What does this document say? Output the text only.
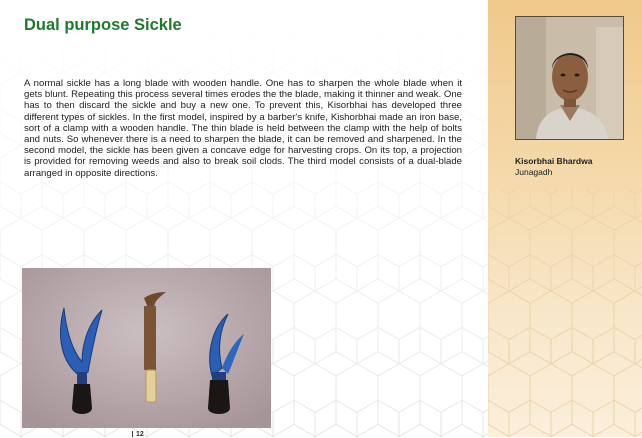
Dual purpose Sickle

A normal sickle has a long blade with wooden handle. One has to sharpen the whole blade when it gets blunt. Repeating this process several times erodes the the blade, making it thinner and weak. One has to then discard the sickle and buy a new one. To prevent this, Kisorbhai has developed three different types of sickles. In the first model, inspired by a barber's knife, Kishorbhai made an iron base, sort of a clamp with a wooden handle. The thin blade is held between the clamp with the help of bolts and nuts. So whenever there is a need to sharpen the blade, it can be removed and sharpened. In the second model, the sickle has been given a concave edge for harvesting crops. On its top, a projection is provided for removing weeds and also to break soil clods. The third model consists of a dual-blade arranged in opposite directions.

Kisorbhai Bhardwa

Junagadh

12
